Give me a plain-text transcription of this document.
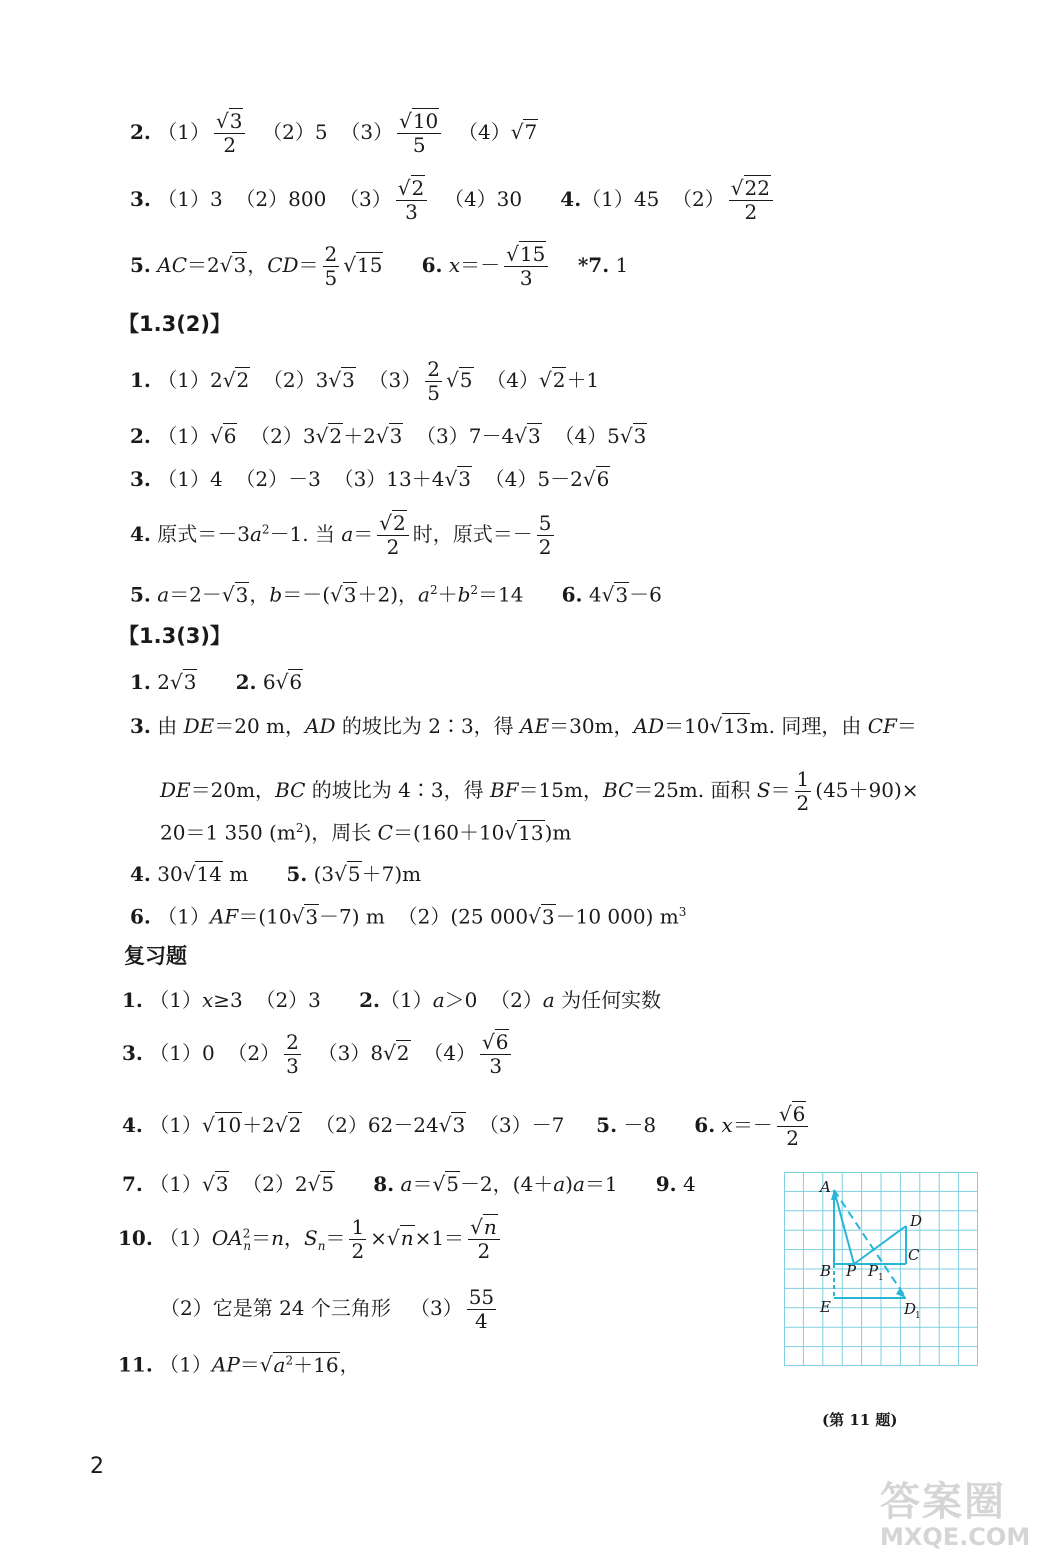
2. $(1) \frac{√3}{2} (2)5$  $(3) \frac{√10}{5} (4)√7$
3. （1）3  （2）800  $(3) \frac{√2}{3} (4)30$      4.（1）45  $(2) \frac{√22}{2}$
5. AC＝2√3，$CD= \frac{2}{5} √15$ 6. $x=- \frac{√15}{3} *7$. 1
【1.3(2)】
1. （1）2√2  （2）3√3  $(3) \frac{2}{5} √5$  （4）√2＋1
2. （1）√6  （2）3√2＋2√3  （3）7－4√3  （4）5√3
3. （1）4  （2）－3  （3）13＋4√3  （4）5－2√6
4. 原式$=-3a^2-1$. 当 $a= \frac{√2}{2}$ 时，原式＝－ $\frac{5}{2}$
5. a＝2－√3，b＝－(√3＋2)，$a^2+b^2=14$      6. 4√3－6
【1.3(3)】
1. 2√3 2. 6√6
3. 由 DE＝20 m，AD 的坡比为 2∶3，得 AE＝30m，AD＝10√13m. 同理，由 CF＝
DE＝20m，BC 的坡比为 4∶3，得 BF＝15m，BC＝25m. 面积 $S= \frac{1}{2} (45+90)\times$
20＝1 350 $(m^2)$，周长 C＝(160＋10√13)m
4. 30√14 m      5. (3√5＋7)m
6. （1）AF＝(10√3－7) m  （2）(25 000√3－10 000) $m^3$
复习题
1. （1）x≥3  （2）3      2.（1）a＞0  （2）a 为任何实数
3. （1）0  $(2) \frac{2}{3} (3)8√2$  $(4) \frac{√6}{3}$
4. （1）√10＋2√2  （2）62－24√3  （3）－7     5. －8      6. $x=- \frac{√6}{2}$
7. （1）√3  （2）2√5 8. a＝√5－2，(4＋a)a＝1      9. 4
10. $(1)OA^2_n=n$，$S_n= \frac{1}{2} \times√n\times 1= \frac{√n}{2}$
（2）它是第 24 个三角形   $(3) \frac{55}{4}$
11. $(1)AP=√a^2+16$，
A
B
C
D
E
P P 1
D
1
(第 11 题)
2
答案圈
MXQE.COM
